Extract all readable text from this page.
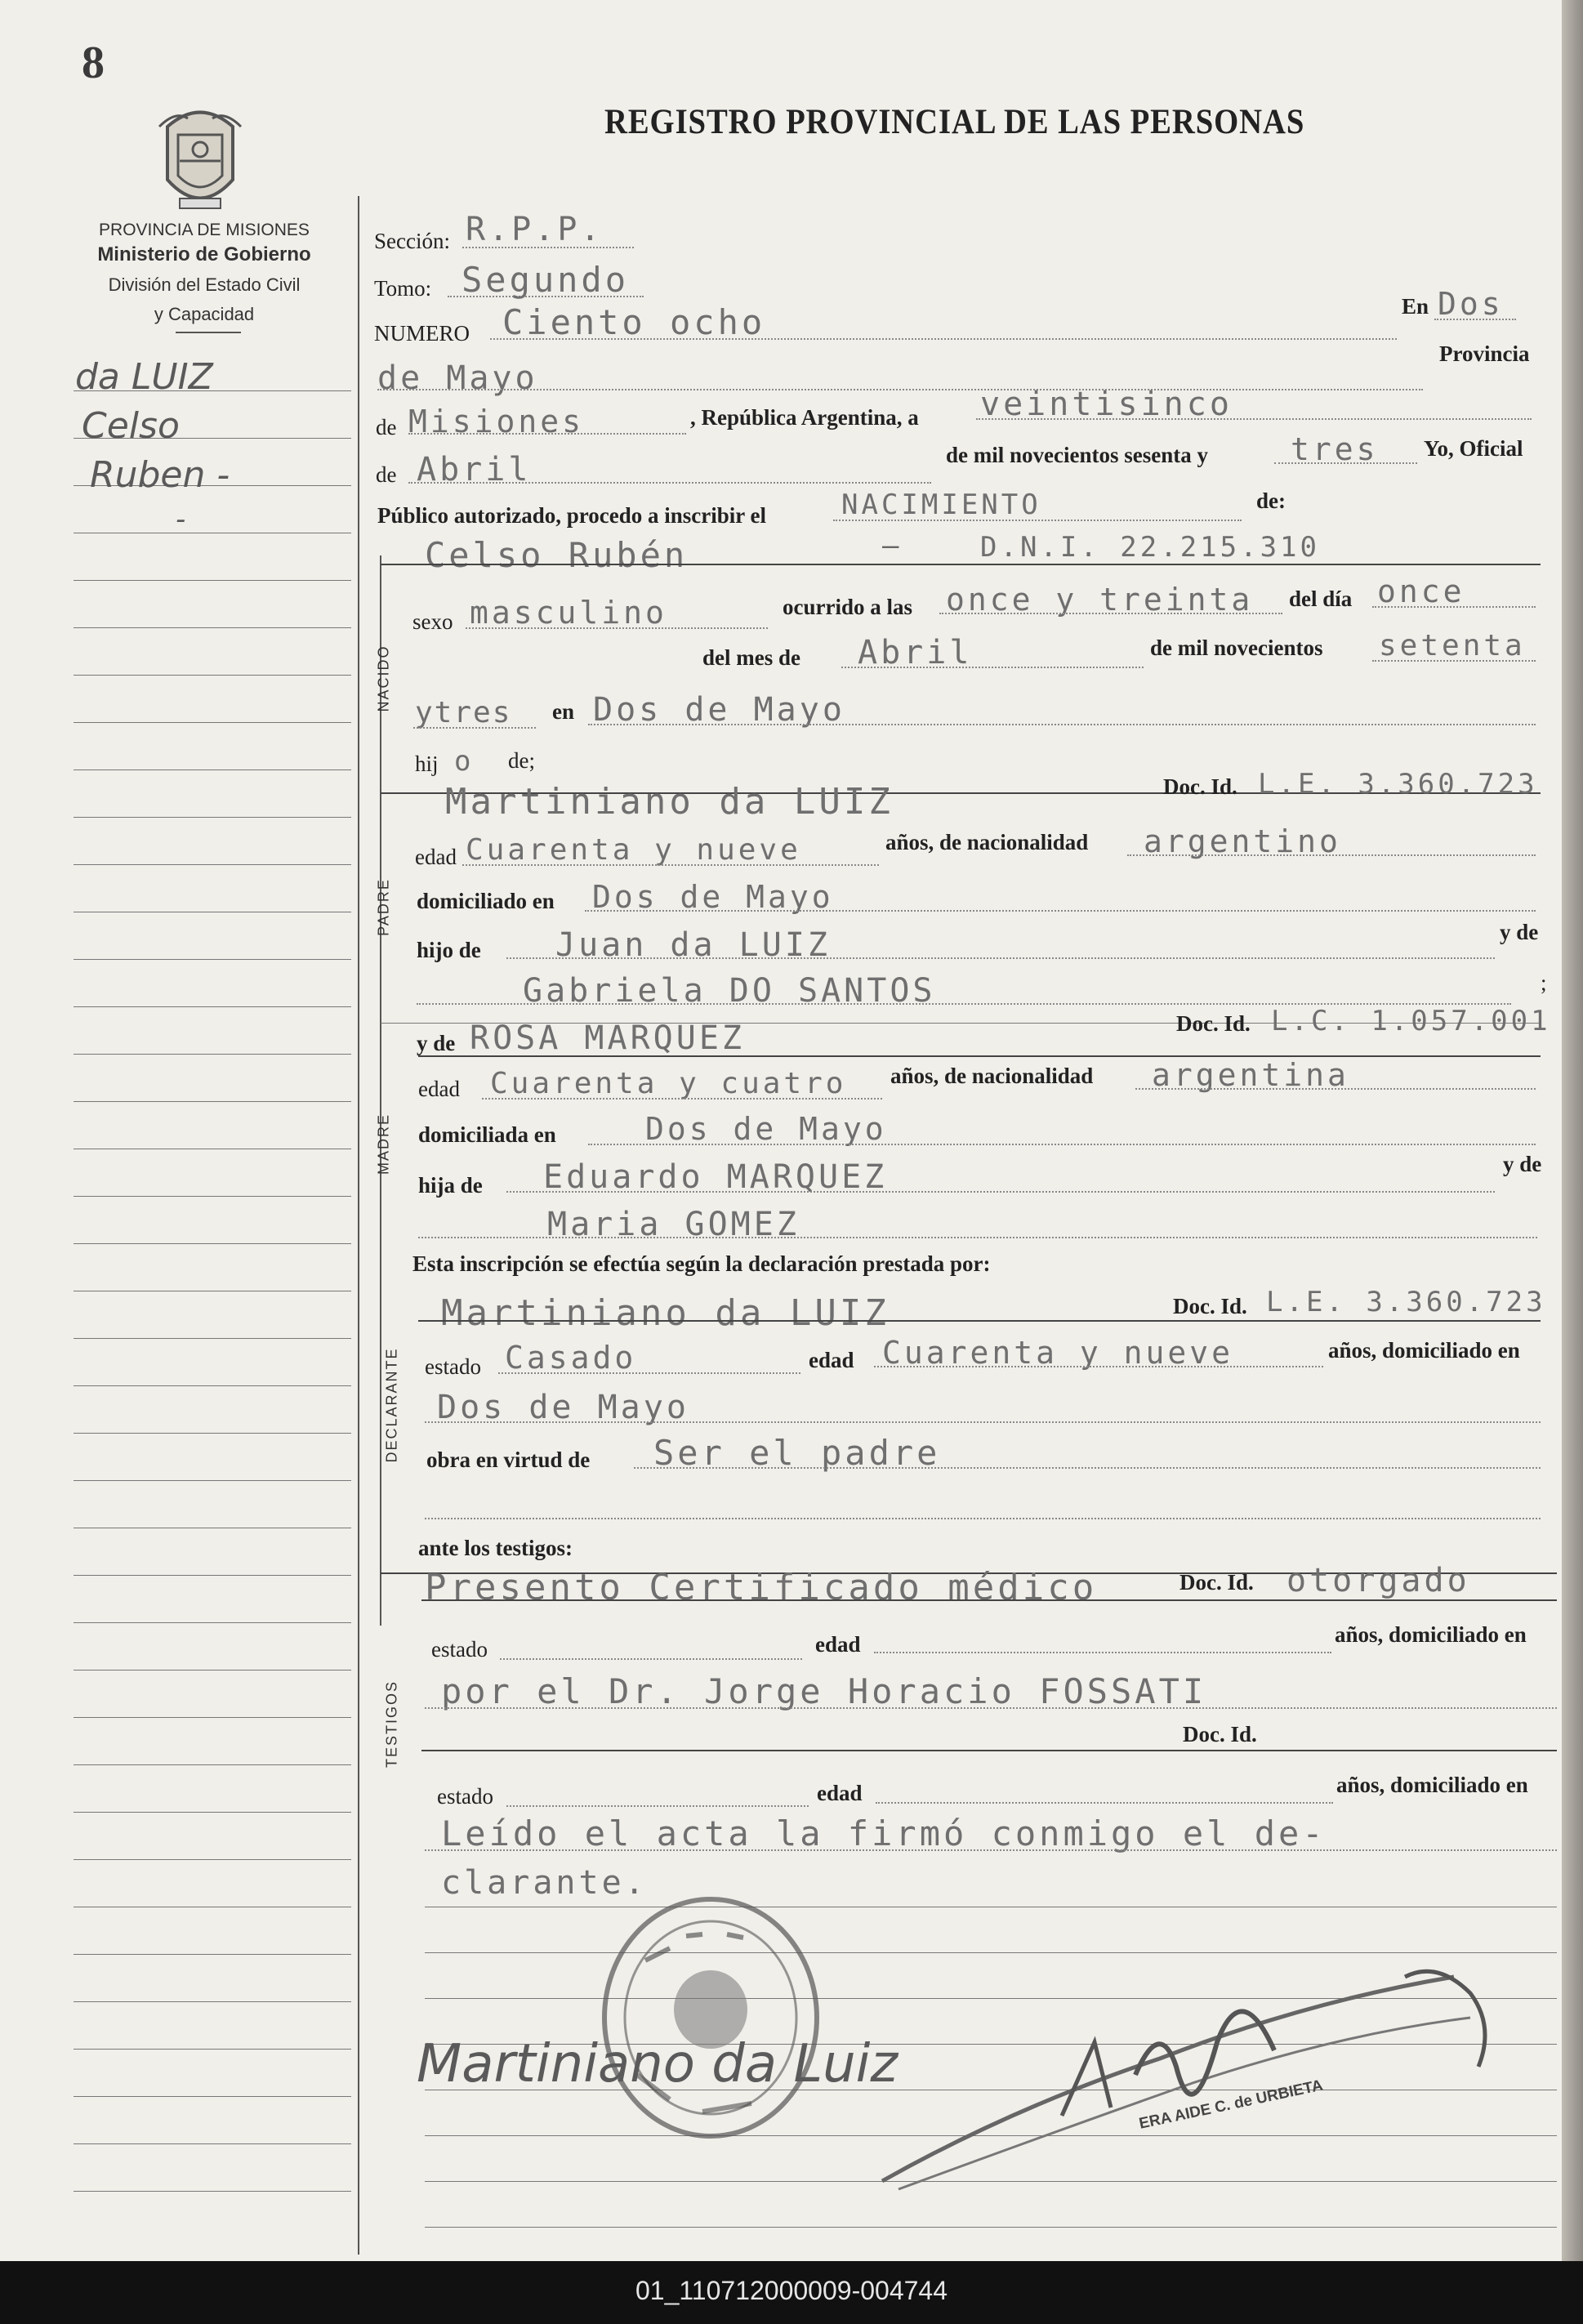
8
REGISTRO PROVINCIAL DE LAS PERSONAS
PROVINCIA DE MISIONES
Ministerio de Gobierno
División del Estado Civil
y Capacidad
da LUIZ
Celso
Ruben -
-
Sección: R.P.P.
Tomo: Segundo
NUMERO Ciento ocho	En Dos
de Mayo
Provincia
de Misiones	, República Argentina, a veintisinco
de Abril	de mil novecientos sesenta y	tres Yo, Oficial
Público autorizado, procedo a inscribir el	NACIMIENTO	de:
Celso Rubén	—	D.N.I. 22.215.310
NACIDO
sexo masculino	ocurrido a las once y treinta del día once
del mes de Abril	de mil novecientos setenta
ytres en Dos de Mayo
hij o de;
Martiniano da LUIZ	Doc. Id. L.E. 3.360.723
PADRE
edad Cuarenta y nueve	años, de nacionalidad argentino
domiciliado en Dos de Mayo
hijo de Juan da LUIZ	y de
Gabriela DO SANTOS	;
y de ROSA MARQUEZ	Doc. Id. L.C. 1.057.001
MADRE
edad Cuarenta y cuatro años, de nacionalidad argentina
domiciliada en	Dos de Mayo
hija de Eduardo MARQUEZ	y de
Maria GOMEZ
Esta inscripción se efectúa según la declaración prestada por:
Martiniano da LUIZ	Doc. Id. L.E. 3.360.723
DECLARANTE estado Casado	edad Cuarenta y nueve	años, domiciliado en
Dos de Mayo
obra en virtud de Ser el padre
ante los testigos:
Presento Certificado médico	Doc. Id. otorgado
TESTIGOS
estado	edad	años, domiciliado en
por el Dr. Jorge Horacio FOSSATI
Doc. Id.
estado	edad	años, domiciliado en
Leído el acta la firmó conmigo el de-
clarante.
Martiniano da Luiz
ERA AIDE C. de URBIETA
01_110712000009-004744
